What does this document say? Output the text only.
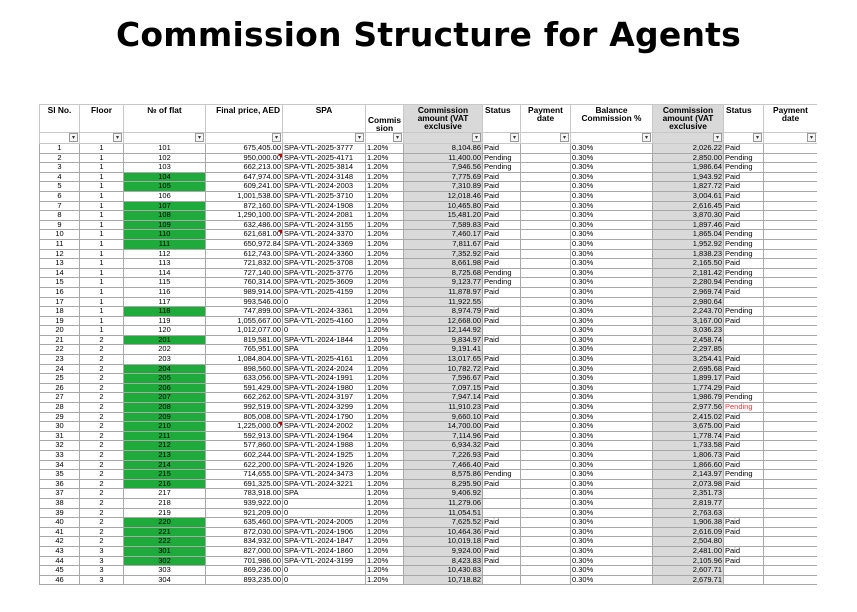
Commission Structure for Agents
Sl No.	Floor	№ of flat	Final price, AED	SPA	Commis sion	Commission amount (VAT exclusive	Status	Payment date	Balance Commission %	Commission amount (VAT exclusive	Status	Payment date

▾	▾	▾	▾	▾	▾	▾	▾	▾	▾	▾	▾	▾

1	1	101	675,405.00	SPA-VTL-2025-3777	1.20%	8,104.86	Paid		0.30%	2,026.22	Paid	
2	1	102	950,000.00	SPA-VTL-2025-4171	1.20%	11,400.00	Pending		0.30%	2,850.00	Pending	
3	1	103	662,213.00	SPA-VTL-2025-3814	1.20%	7,946.56	Pending		0.30%	1,986.64	Pending	
4	1	104	647,974.00	SPA-VTL-2024-3148	1.20%	7,775.69	Paid		0.30%	1,943.92	Paid	
5	1	105	609,241.00	SPA-VTL-2024-2003	1.20%	7,310.89	Paid		0.30%	1,827.72	Paid	
6	1	106	1,001,538.00	SPA-VTL-2025-3710	1.20%	12,018.46	Paid		0.30%	3,004.61	Paid	
7	1	107	872,160.00	SPA-VTL-2024-1908	1.20%	10,465.80	Paid		0.30%	2,616.45	Paid	
8	1	108	1,290,100.00	SPA-VTL-2024-2081	1.20%	15,481.20	Paid		0.30%	3,870.30	Paid	
9	1	109	632,486.00	SPA-VTL-2024-3155	1.20%	7,589.83	Paid		0.30%	1,897.46	Paid	
10	1	110	621,681.00	SPA-VTL-2024-3370	1.20%	7,460.17	Paid		0.30%	1,865.04	Pending	
11	1	111	650,972.84	SPA-VTL-2024-3369	1.20%	7,811.67	Paid		0.30%	1,952.92	Pending	
12	1	112	612,743.00	SPA-VTL-2024-3360	1.20%	7,352.92	Paid		0.30%	1,838.23	Pending	
13	1	113	721,832.00	SPA-VTL-2025-3708	1.20%	8,661.98	Paid		0.30%	2,165.50	Paid	
14	1	114	727,140.00	SPA-VTL-2025-3776	1.20%	8,725.68	Pending		0.30%	2,181.42	Pending	
15	1	115	760,314.00	SPA-VTL-2025-3609	1.20%	9,123.77	Pending		0.30%	2,280.94	Pending	
16	1	116	989,914.00	SPA-VTL-2025-4159	1.20%	11,878.97	Paid		0.30%	2,969.74	Paid	
17	1	117	993,546.00	0	1.20%	11,922.55			0.30%	2,980.64		
18	1	118	747,899.00	SPA-VTL-2024-3361	1.20%	8,974.79	Paid		0.30%	2,243.70	Pending	
19	1	119	1,055,667.00	SPA-VTL-2025-4160	1.20%	12,668.00	Paid		0.30%	3,167.00	Paid	
20	1	120	1,012,077.00	0	1.20%	12,144.92			0.30%	3,036.23		
21	2	201	819,581.00	SPA-VTL-2024-1844	1.20%	9,834.97	Paid		0.30%	2,458.74		
22	2	202	765,951.00	SPA	1.20%	9,191.41			0.30%	2,297.85		
23	2	203	1,084,804.00	SPA-VTL-2025-4161	1.20%	13,017.65	Paid		0.30%	3,254.41	Paid	
24	2	204	898,560.00	SPA-VTL-2024-2024	1.20%	10,782.72	Paid		0.30%	2,695.68	Paid	
25	2	205	633,056.00	SPA-VTL-2024-1991	1.20%	7,596.67	Paid		0.30%	1,899.17	Paid	
26	2	206	591,429.00	SPA-VTL-2024-1980	1.20%	7,097.15	Paid		0.30%	1,774.29	Paid	
27	2	207	662,262.00	SPA-VTL-2024-3197	1.20%	7,947.14	Paid		0.30%	1,986.79	Pending	
28	2	208	992,519.00	SPA-VTL-2024-3299	1.20%	11,910.23	Paid		0.30%	2,977.56	Pending	
29	2	209	805,008.00	SPA-VTL-2024-1790	1.20%	9,660.10	Paid		0.30%	2,415.02	Paid	
30	2	210	1,225,000.00	SPA-VTL-2024-2002	1.20%	14,700.00	Paid		0.30%	3,675.00	Paid	
31	2	211	592,913.00	SPA-VTL-2024-1964	1.20%	7,114.96	Paid		0.30%	1,778.74	Paid	
32	2	212	577,860.00	SPA-VTL-2024-1988	1.20%	6,934.32	Paid		0.30%	1,733.58	Paid	
33	2	213	602,244.00	SPA-VTL-2024-1925	1.20%	7,226.93	Paid		0.30%	1,806.73	Paid	
34	2	214	622,200.00	SPA-VTL-2024-1926	1.20%	7,466.40	Paid		0.30%	1,866.60	Paid	
35	2	215	714,655.00	SPA-VTL-2024-3473	1.20%	8,575.86	Pending		0.30%	2,143.97	Pending	
36	2	216	691,325.00	SPA-VTL-2024-3221	1.20%	8,295.90	Paid		0.30%	2,073.98	Paid	
37	2	217	783,918.00	SPA	1.20%	9,406.92			0.30%	2,351.73		
38	2	218	939,922.00	0	1.20%	11,279.06			0.30%	2,819.77		
39	2	219	921,209.00	0	1.20%	11,054.51			0.30%	2,763.63		
40	2	220	635,460.00	SPA-VTL-2024-2005	1.20%	7,625.52	Paid		0.30%	1,906.38	Paid	
41	2	221	872,030.00	SPA-VTL-2024-1906	1.20%	10,464.36	Paid		0.30%	2,616.09	Paid	
42	2	222	834,932.00	SPA-VTL-2024-1847	1.20%	10,019.18	Paid		0.30%	2,504.80		
43	3	301	827,000.00	SPA-VTL-2024-1860	1.20%	9,924.00	Paid		0.30%	2,481.00	Paid	
44	3	302	701,986.00	SPA-VTL-2024-3199	1.20%	8,423.83	Paid		0.30%	2,105.96	Paid	
45	3	303	869,236.00	0	1.20%	10,430.83			0.30%	2,607.71		
46	3	304	893,235.00	0	1.20%	10,718.82			0.30%	2,679.71		
